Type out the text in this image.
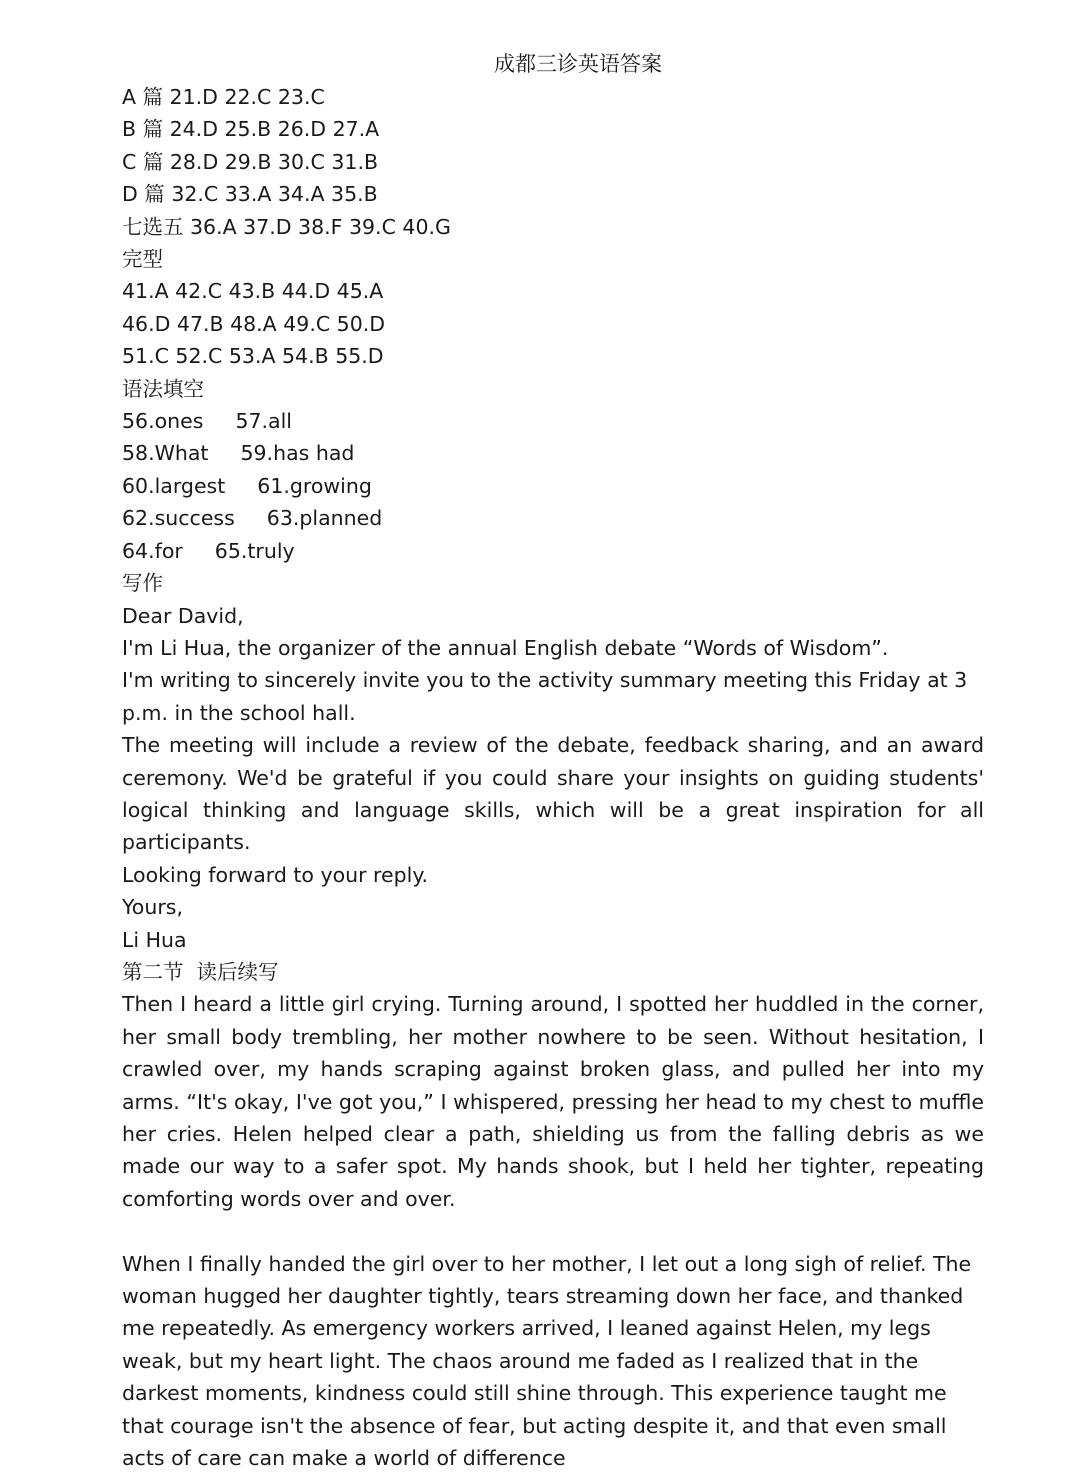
成都三诊英语答案
A 篇 21.D 22.C 23.C
B 篇 24.D 25.B 26.D 27.A
C 篇 28.D 29.B 30.C 31.B
D 篇 32.C 33.A 34.A 35.B
七选五 36.A 37.D 38.F 39.C 40.G
完型
41.A 42.C 43.B 44.D 45.A
46.D 47.B 48.A 49.C 50.D
51.C 52.C 53.A 54.B 55.D
语法填空
56.ones 57.all
58.What 59.has had
60.largest 61.growing
62.success 63.planned
64.for 65.truly
写作
Dear David,
I'm Li Hua, the organizer of the annual English debate “Words of Wisdom”.

I'm writing to sincerely invite you to the activity summary meeting this Friday at 3 p.m. in the school hall.

The meeting will include a review of the debate, feedback sharing, and an award ceremony. We'd be grateful if you could share your insights on guiding students' logical thinking and language skills, which will be a great inspiration for all participants.

Looking forward to your reply.
Yours,
Li Hua
第二节  读后续写

Then I heard a little girl crying. Turning around, I spotted her huddled in the corner, her small body trembling, her mother nowhere to be seen. Without hesitation, I crawled over, my hands scraping against broken glass, and pulled her into my arms. “It's okay, I've got you,” I whispered, pressing her head to my chest to muffle her cries. Helen helped clear a path, shielding us from the falling debris as we made our way to a safer spot. My hands shook, but I held her tighter, repeating comforting words over and over.

When I finally handed the girl over to her mother, I let out a long sigh of relief. The woman hugged her daughter tightly, tears streaming down her face, and thanked me repeatedly. As emergency workers arrived, I leaned against Helen, my legs weak, but my heart light. The chaos around me faded as I realized that in the darkest moments, kindness could still shine through. This experience taught me that courage isn't the absence of fear, but acting despite it, and that even small acts of care can make a world of difference
